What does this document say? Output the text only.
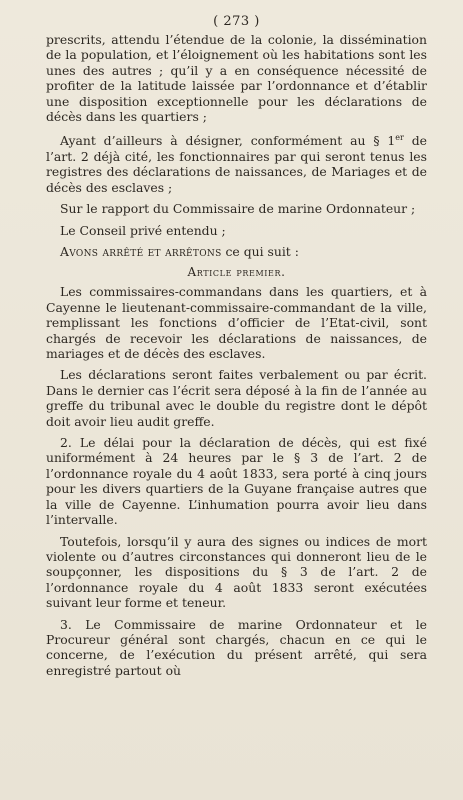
( 273 )

prescrits, attendu l’étendue de la colonie, la dissémination de la population, et l’éloignement où les habitations sont les unes des autres ; qu’il y a en conséquence nécessité de profiter de la latitude laissée par l’ordonnance et d’établir une disposition exceptionnelle pour les déclarations de décès dans les quartiers ;

Ayant d’ailleurs à désigner, conformément au § 1er de l’art. 2 déjà cité, les fonctionnaires par qui seront tenus les registres des déclarations de naissances, de Mariages et de décès des esclaves ;

Sur le rapport du Commissaire de marine Ordonnateur ;

Le Conseil privé entendu ;

Avons arrêté et arrêtons ce qui suit :

Article premier.

Les commissaires-commandans dans les quartiers, et à Cayenne le lieutenant-commissaire-commandant de la ville, remplissant les fonctions d’officier de l’Etat-civil, sont chargés de recevoir les déclarations de naissances, de mariages et de décès des esclaves.

Les déclarations seront faites verbalement ou par écrit. Dans le dernier cas l’écrit sera déposé à la fin de l’année au greffe du tribunal avec le double du registre dont le dépôt doit avoir lieu audit greffe.

2. Le délai pour la déclaration de décès, qui est fixé uniformément à 24 heures par le § 3 de l’art. 2 de l’ordonnance royale du 4 août 1833, sera porté à cinq jours pour les divers quartiers de la Guyane française autres que la ville de Cayenne. L’inhumation pourra avoir lieu dans l’intervalle.

Toutefois, lorsqu’il y aura des signes ou indices de mort violente ou d’autres circonstances qui donneront lieu de le soupçonner, les dispositions du § 3 de l’art. 2 de l’ordonnance royale du 4 août 1833 seront exécutées suivant leur forme et teneur.

3. Le Commissaire de marine Ordonnateur et le Procureur général sont chargés, chacun en ce qui le concerne, de l’exécution du présent arrêté, qui sera enregistré partout où
